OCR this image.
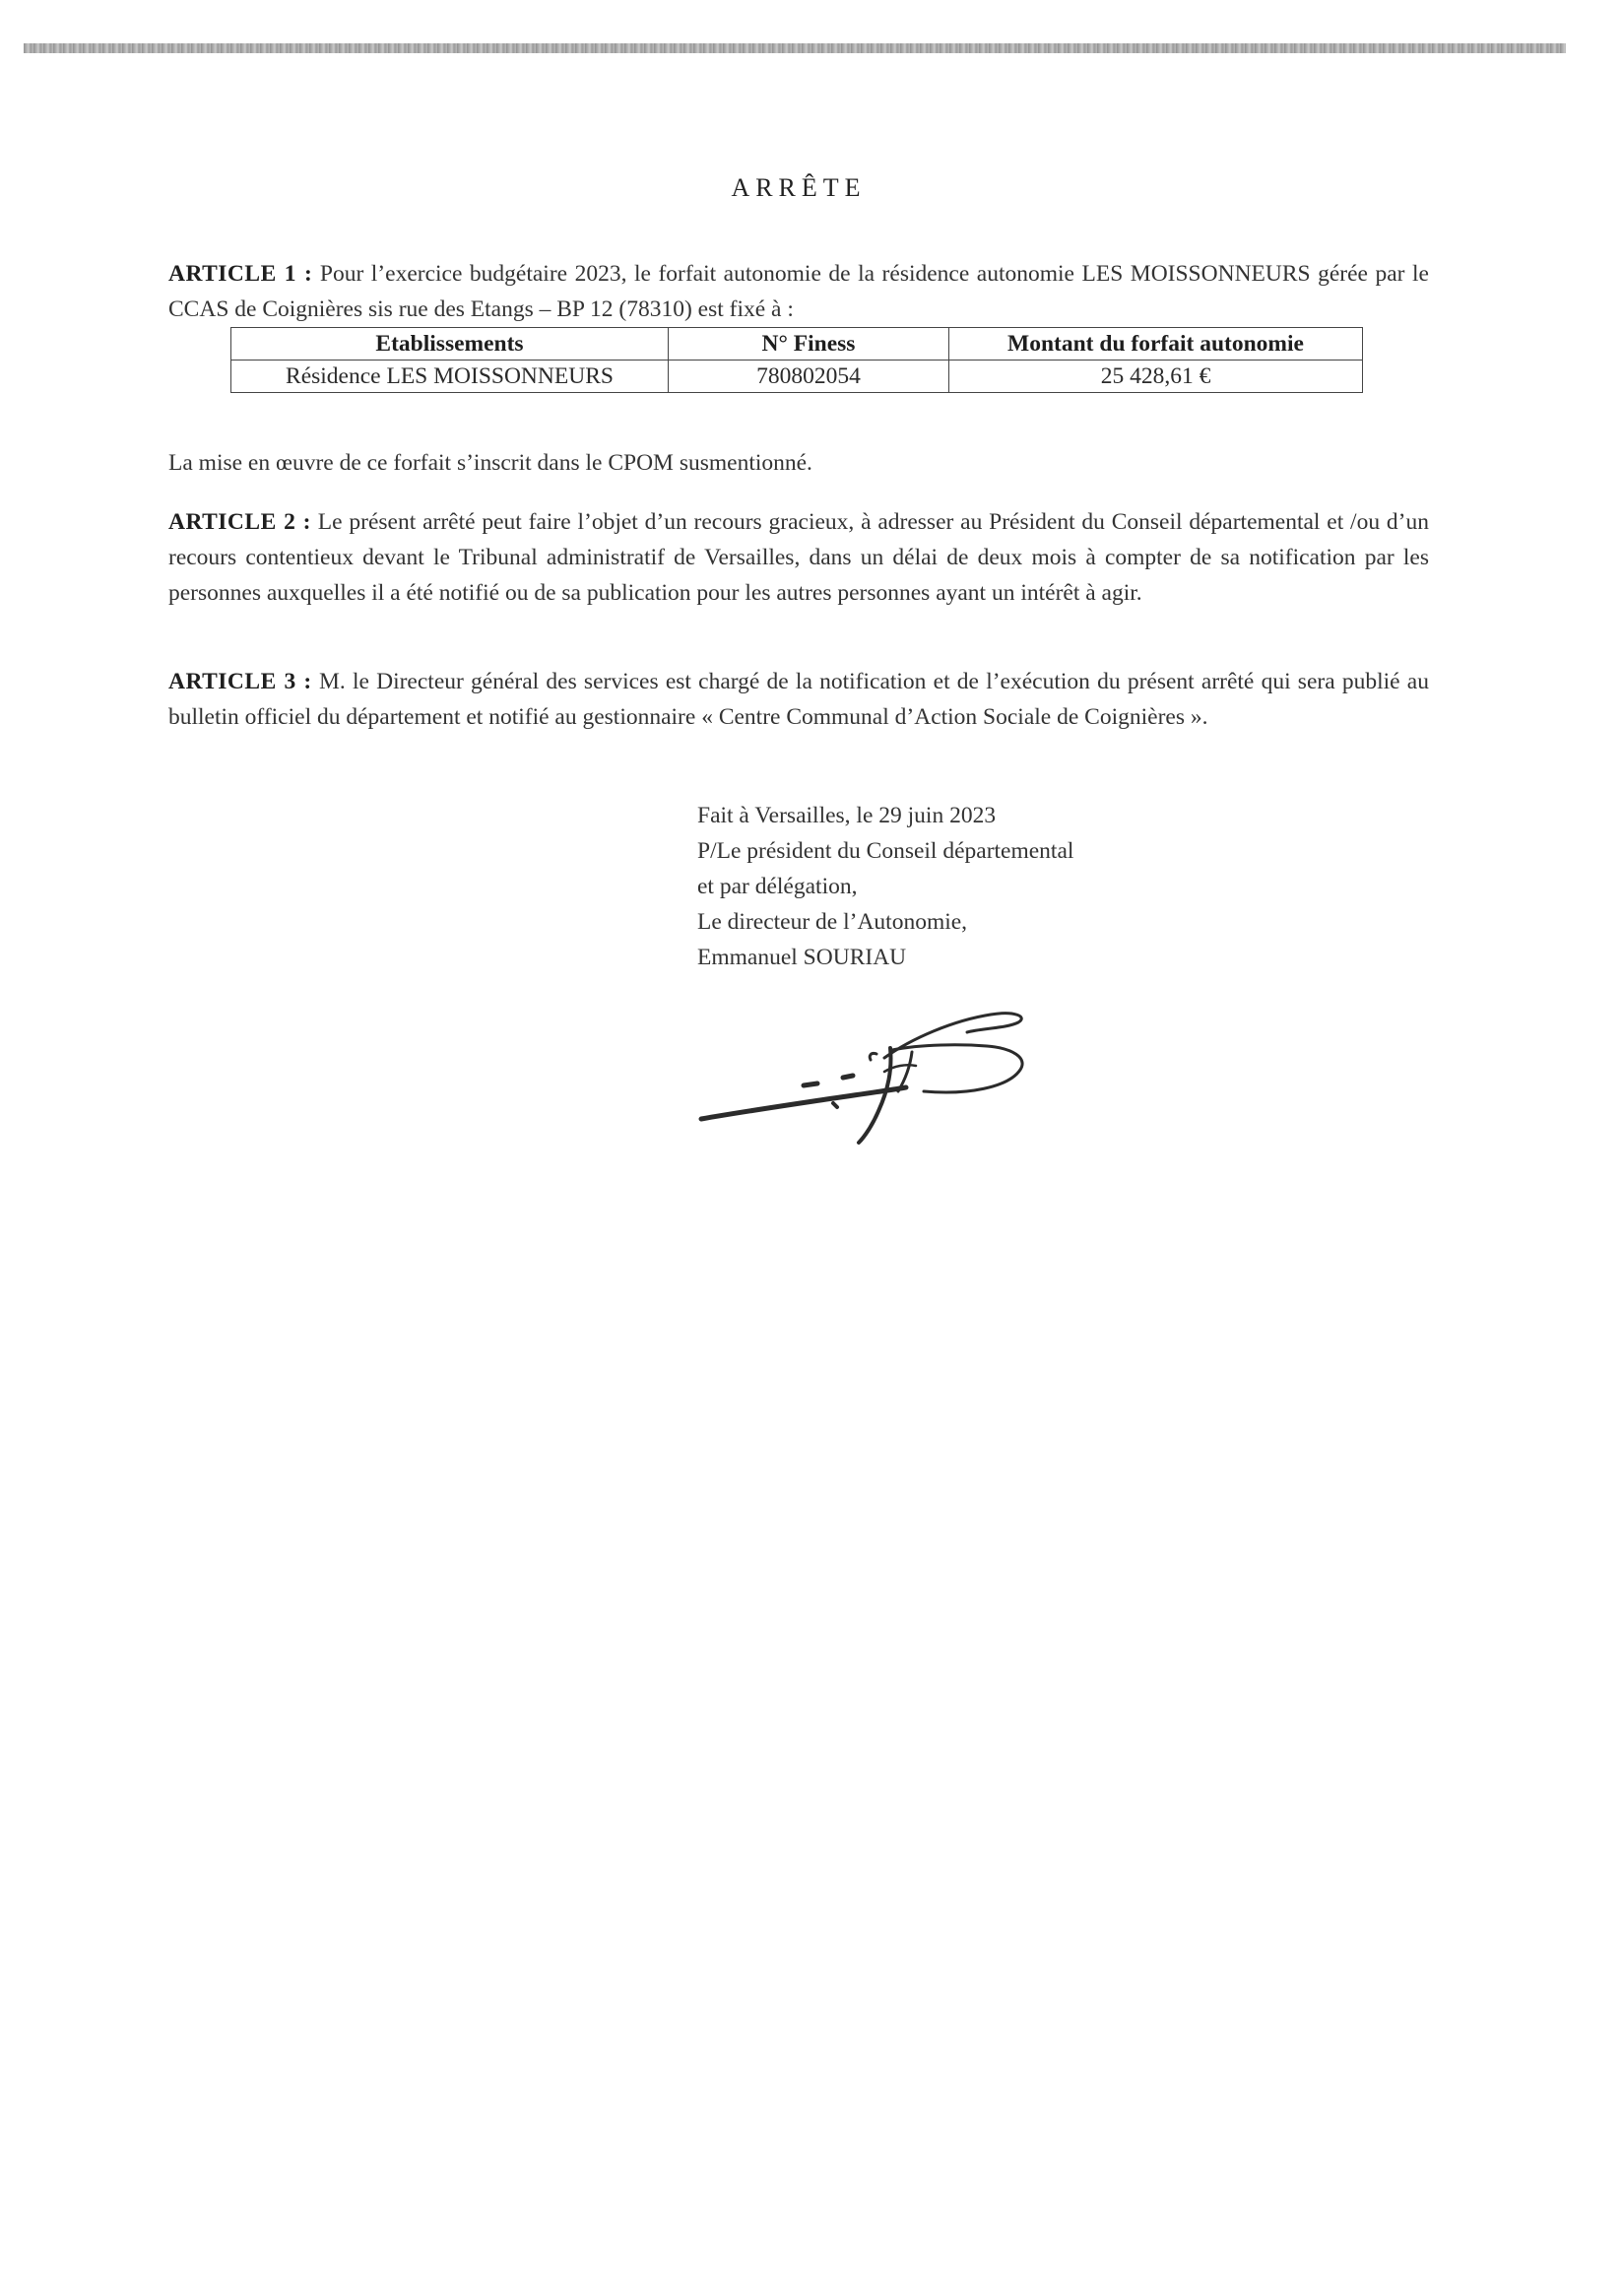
ARRÊTE

ARTICLE 1 : Pour l’exercice budgétaire 2023, le forfait autonomie de la résidence autonomie LES MOISSONNEURS gérée par le CCAS de Coignières sis rue des Etangs – BP 12 (78310) est fixé à :

Etablissements	N° Finess	Montant du forfait autonomie
Résidence LES MOISSONNEURS	780802054	25 428,61 €

La mise en œuvre de ce forfait s’inscrit dans le CPOM susmentionné.

ARTICLE 2 : Le présent arrêté peut faire l’objet d’un recours gracieux, à adresser au Président du Conseil départemental et /ou d’un recours contentieux devant le Tribunal administratif de Versailles, dans un délai de deux mois à compter de sa notification par les personnes auxquelles il a été notifié ou de sa publication pour les autres personnes ayant un intérêt à agir.

ARTICLE 3 : M. le Directeur général des services est chargé de la notification et de l’exécution du présent arrêté qui sera publié au bulletin officiel du département et notifié au gestionnaire « Centre Communal d’Action Sociale de Coignières ».

Fait à Versailles, le 29 juin 2023
P/Le président du Conseil départemental
et par délégation,
Le directeur de l’Autonomie,
Emmanuel SOURIAU
